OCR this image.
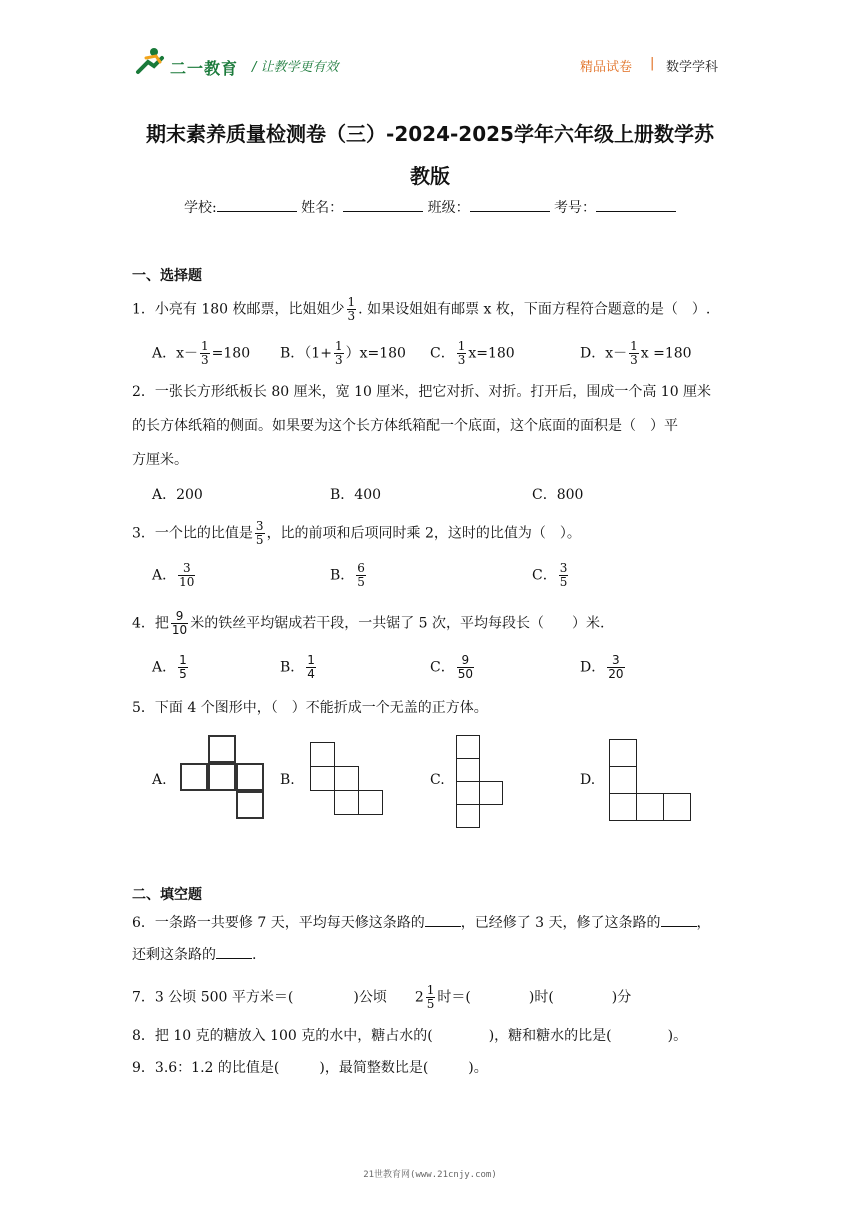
二一教育 / 让教学更有效	精品试卷 | 数学学科
期末素养质量检测卷（三）-2024-2025学年六年级上册数学苏
教版
学校:	姓名：	班级：	考号：
一、选择题
1．小亮有 180 枚邮票，比姐姐少 $\frac{1}{3}$ . 如果设姐姐有邮票 x 枚，下面方程符合题意的是（　）.
A．$x- \frac{1}{3} =180$ B．$(1+ \frac{1}{3} )x=180$ C． $\frac{1}{3} x=180$	D．$x- \frac{1}{3}$ x =180
2．一张长方形纸板长 80 厘米，宽 10 厘米，把它对折、对折。打开后，围成一个高 10 厘米
的长方体纸箱的侧面。如果要为这个长方体纸箱配一个底面，这个底面的面积是（　）平
方厘米。
A．200	B．400	C．800
3．一个比的比值是 $\frac{3}{5}$ ，比的前项和后项同时乘 2，这时的比值为（　）。
A． $\frac{3}{10}$	B． $\frac{6}{5}$	C． $\frac{3}{5}$
4．把 $\frac{9}{10}$ 米的铁丝平均锯成若干段，一共锯了 5 次，平均每段长（　　）米.
A． $\frac{1}{5}$	B． $\frac{1}{4}$	C． $\frac{9}{50}$	D． $\frac{3}{20}$
5．下面 4 个图形中，（　）不能折成一个无盖的正方体。
A.	B.	C.	D.
二、填空题
6．一条路一共要修 7 天，平均每天修这条路的	，已经修了 3 天，修了这条路的	，
还剩这条路的	.
7．3 公顷 500 平方米＝(	)公顷 $2 \frac{1}{5}$ 时＝(	)时(	)分
8．把 10 克的糖放入 100 克的水中，糖占水的(	)，糖和糖水的比是(	)。
9．3.6：1.2 的比值是(	)，最简整数比是(	)。
21世教育网(www.21cnjy.com)
